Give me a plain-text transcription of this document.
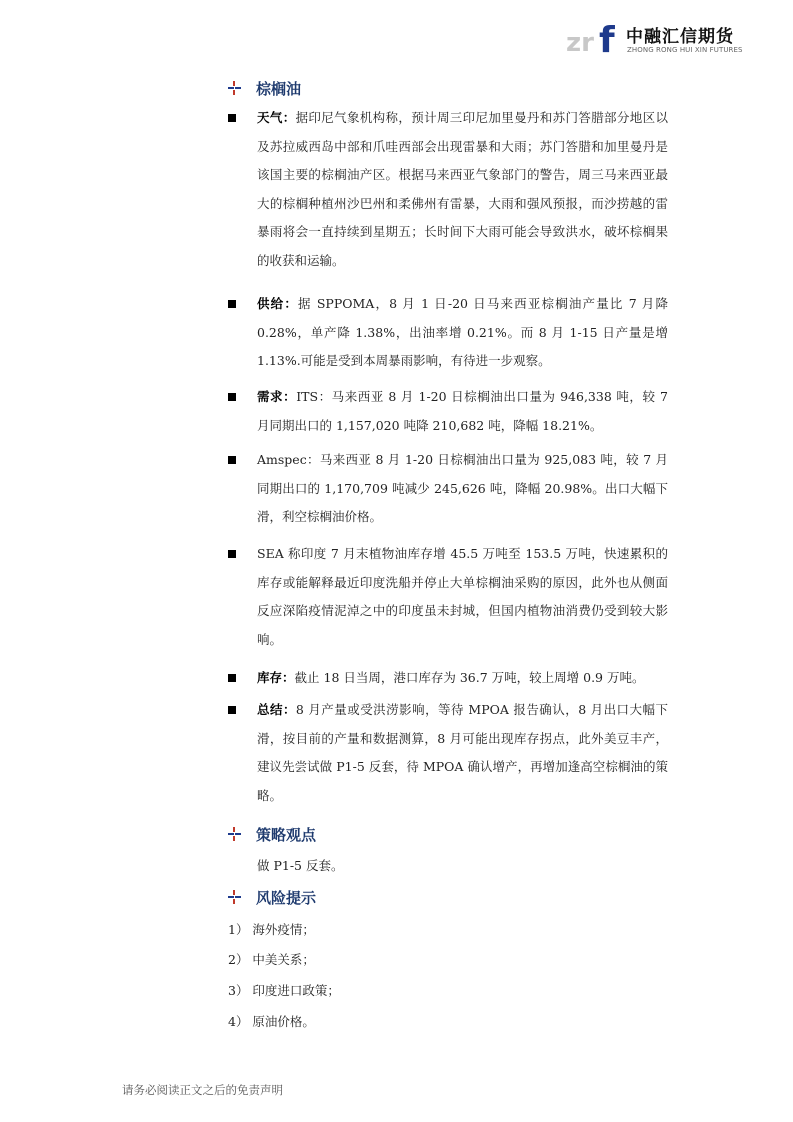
zr f 中融汇信期货
ZHONG RONG HUI XIN FUTURES
棕榈油
天气：据印尼气象机构称，预计周三印尼加里曼丹和苏门答腊部分地区以及苏拉威西岛中部和爪哇西部会出现雷暴和大雨；苏门答腊和加里曼丹是该国主要的棕榈油产区。根据马来西亚气象部门的警告，周三马来西亚最大的棕榈种植州沙巴州和柔佛州有雷暴，大雨和强风预报，而沙捞越的雷暴雨将会一直持续到星期五；长时间下大雨可能会导致洪水，破坏棕榈果的收获和运输。
供给：据 SPPOMA，8 月 1 日-20 日马来西亚棕榈油产量比 7 月降 0.28%，单产降 1.38%，出油率增 0.21%。而 8 月 1-15 日产量是增 1.13%.可能是受到本周暴雨影响，有待进一步观察。
需求：ITS：马来西亚 8 月 1-20 日棕榈油出口量为 946,338 吨，较 7 月同期出口的 1,157,020 吨降 210,682 吨，降幅 18.21%。
Amspec：马来西亚 8 月 1-20 日棕榈油出口量为 925,083 吨，较 7 月同期出口的 1,170,709 吨减少 245,626 吨，降幅 20.98%。出口大幅下滑，利空棕榈油价格。
SEA 称印度 7 月末植物油库存增 45.5 万吨至 153.5 万吨，快速累积的库存或能解释最近印度洗船并停止大单棕榈油采购的原因，此外也从侧面反应深陷疫情泥淖之中的印度虽未封城，但国内植物油消费仍受到较大影响。
库存：截止 18 日当周，港口库存为 36.7 万吨，较上周增 0.9 万吨。
总结：8 月产量或受洪涝影响，等待 MPOA 报告确认，8 月出口大幅下滑，按目前的产量和数据测算，8 月可能出现库存拐点，此外美豆丰产，建议先尝试做 P1-5 反套，待 MPOA 确认增产，再增加逢高空棕榈油的策略。
策略观点
做 P1-5 反套。
风险提示
1） 海外疫情；
2） 中美关系；
3） 印度进口政策；
4） 原油价格。
请务必阅读正文之后的免责声明
